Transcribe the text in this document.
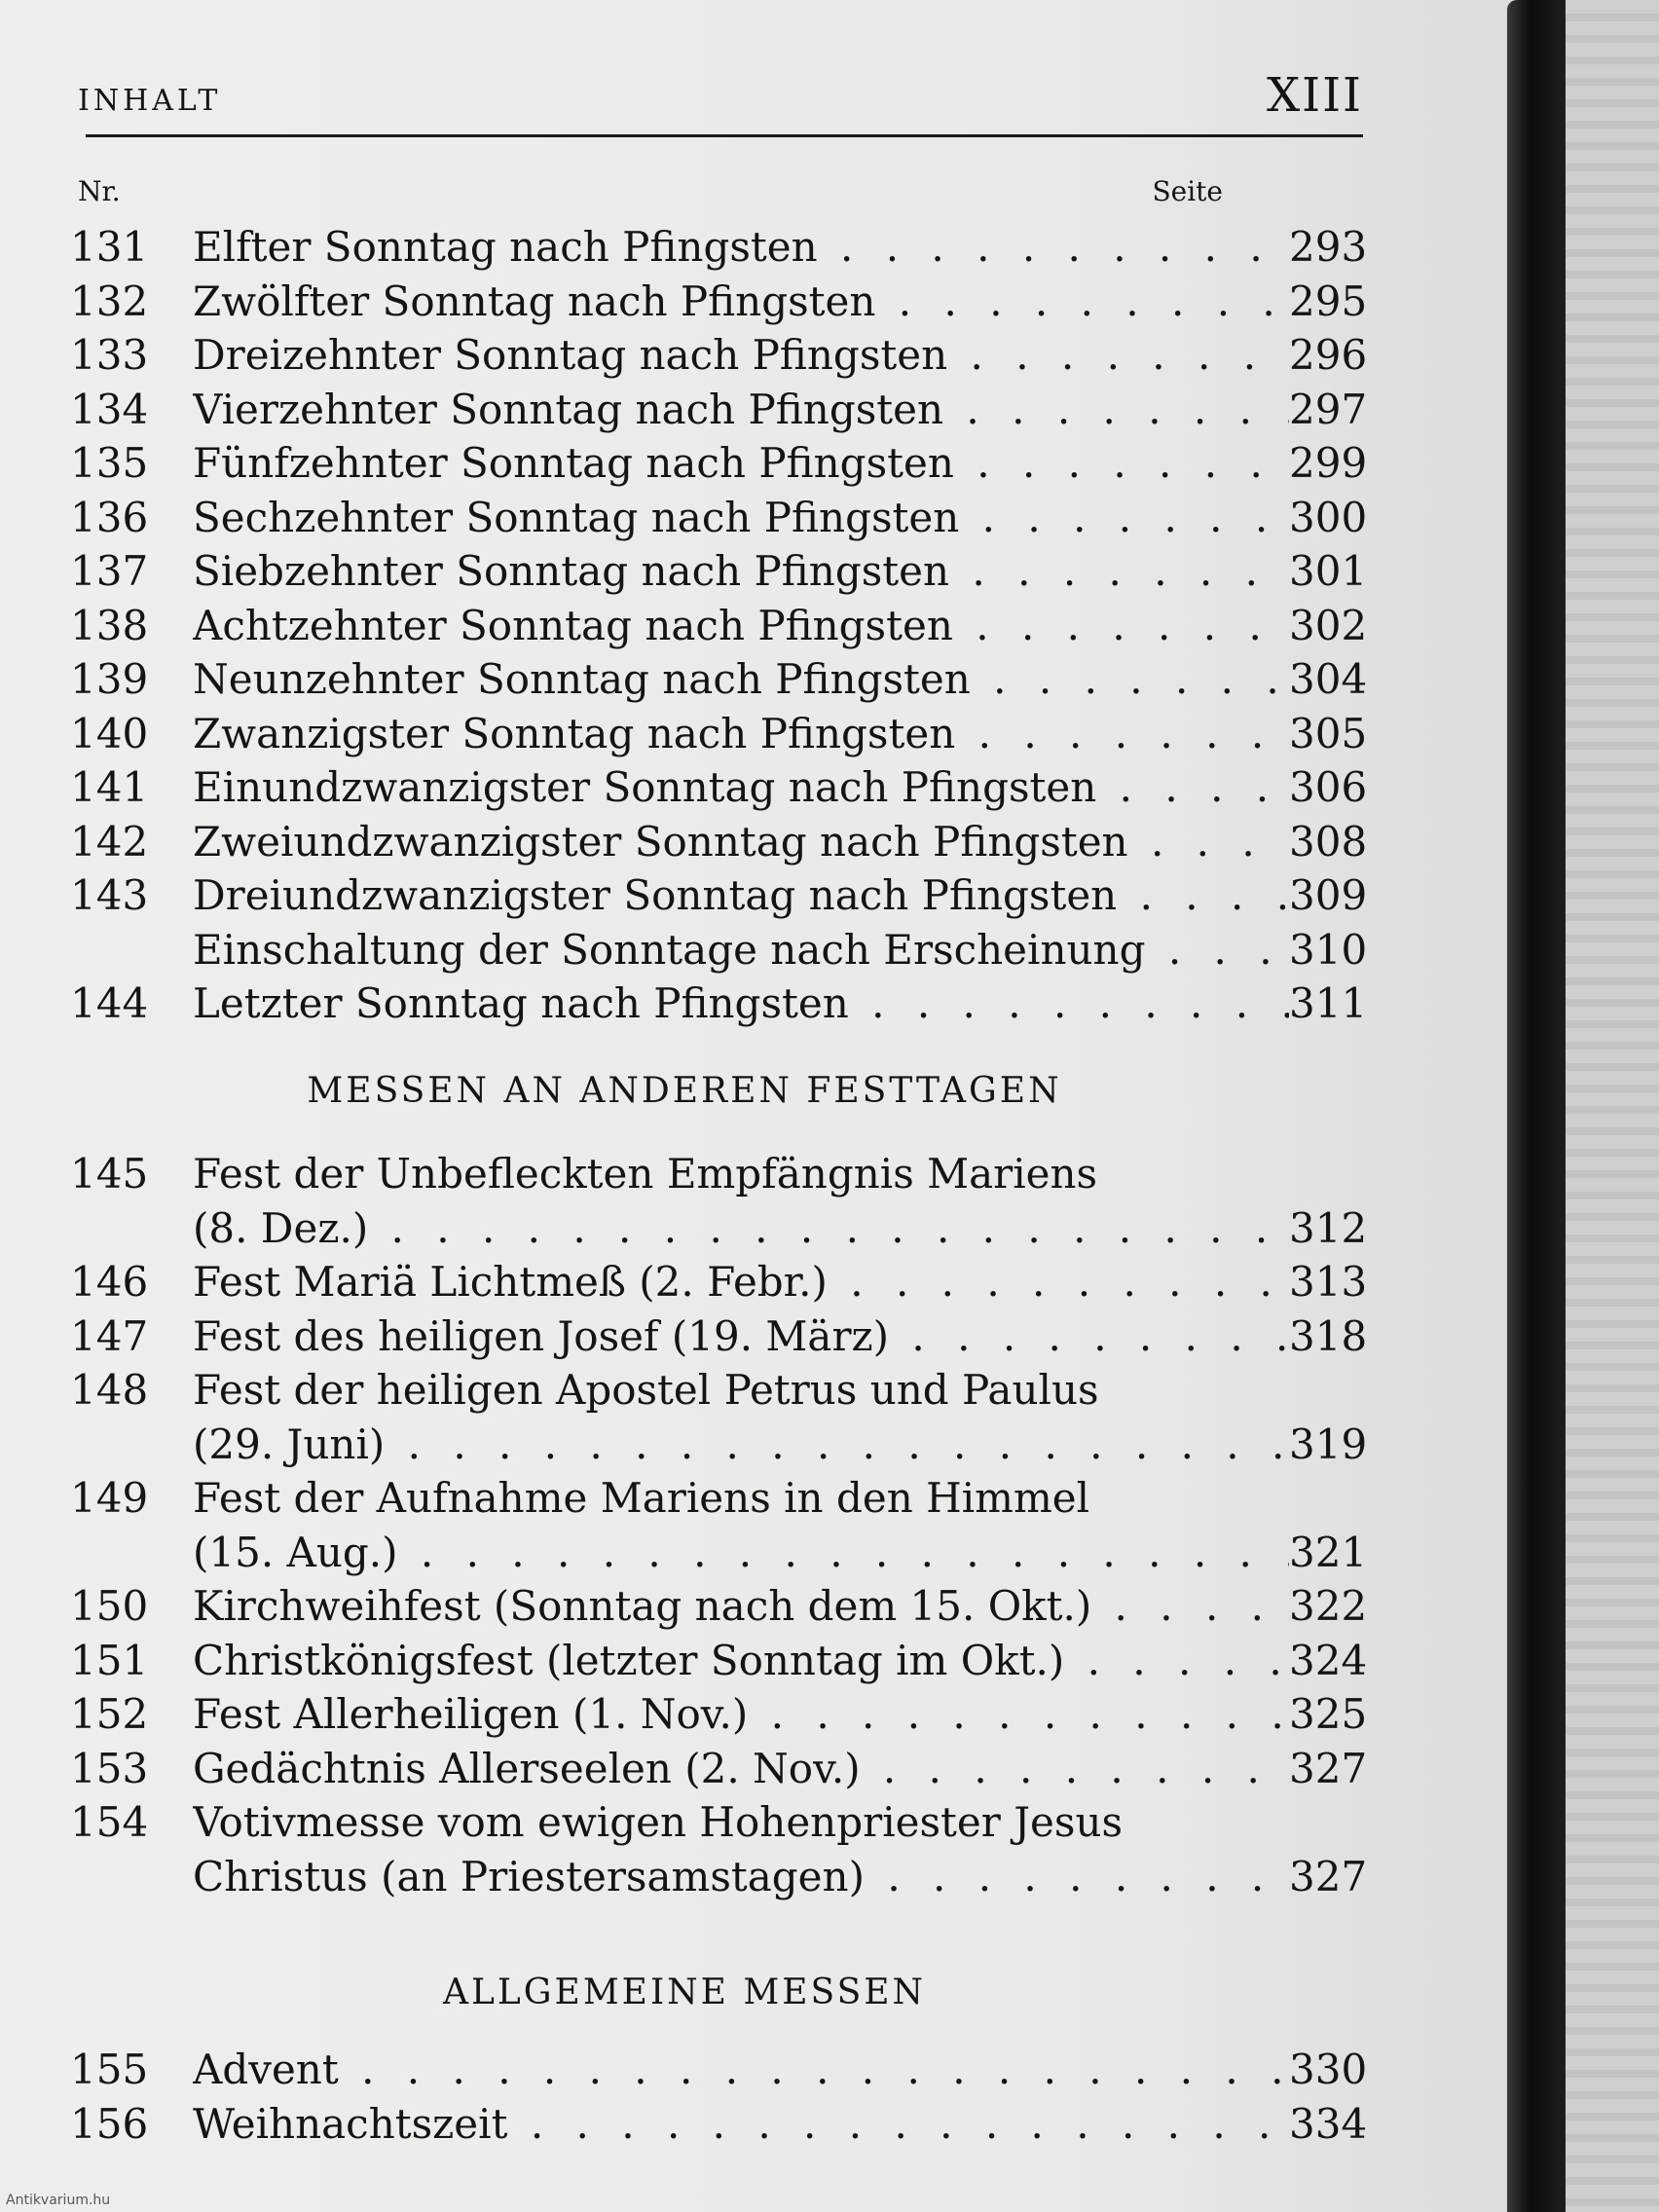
INHALT	XIII
Nr.	Seite
131 Elfter Sonntag nach Pfingsten . . .	293
132 Zwölfter Sonntag nach Pfingsten . . .	295
133 Dreizehnter Sonntag nach Pfingsten . . .	296
134 Vierzehnter Sonntag nach Pfingsten . . .	297
135 Fünfzehnter Sonntag nach Pfingsten . . .	299
136 Sechzehnter Sonntag nach Pfingsten . . .	300
137 Siebzehnter Sonntag nach Pfingsten . . .	301
138 Achtzehnter Sonntag nach Pfingsten . . .	302
139 Neunzehnter Sonntag nach Pfingsten . . .	304
140 Zwanzigster Sonntag nach Pfingsten . . .	305
141 Einundzwanzigster Sonntag nach Pfingsten . . .	306
142 Zweiundzwanzigster Sonntag nach Pfingsten . . .	308
143 Dreiundzwanzigster Sonntag nach Pfingsten . . .	309
Einschaltung der Sonntage nach Erscheinung . . .	310
144 Letzter Sonntag nach Pfingsten . . .	311
MESSEN AN ANDEREN FESTTAGEN
145 Fest der Unbefleckten Empfängnis Mariens
(8. Dez.) . . .	312
146 Fest Mariä Lichtmeß (2. Febr.) . . .	313
147 Fest des heiligen Josef (19. März) . . .	318
148 Fest der heiligen Apostel Petrus und Paulus
(29. Juni) . . .	319
149 Fest der Aufnahme Mariens in den Himmel
(15. Aug.) . . .	321
150 Kirchweihfest (Sonntag nach dem 15. Okt.) . . .	322
151 Christkönigsfest (letzter Sonntag im Okt.) . . .	324
152 Fest Allerheiligen (1. Nov.) . . .	325
153 Gedächtnis Allerseelen (2. Nov.) . . .	327
154 Votivmesse vom ewigen Hohenpriester Jesus
Christus (an Priestersamstagen) . . .	327
ALLGEMEINE MESSEN
155 Advent . . .	330
156 Weihnachtszeit . . .	334
Antikvarium.hu
